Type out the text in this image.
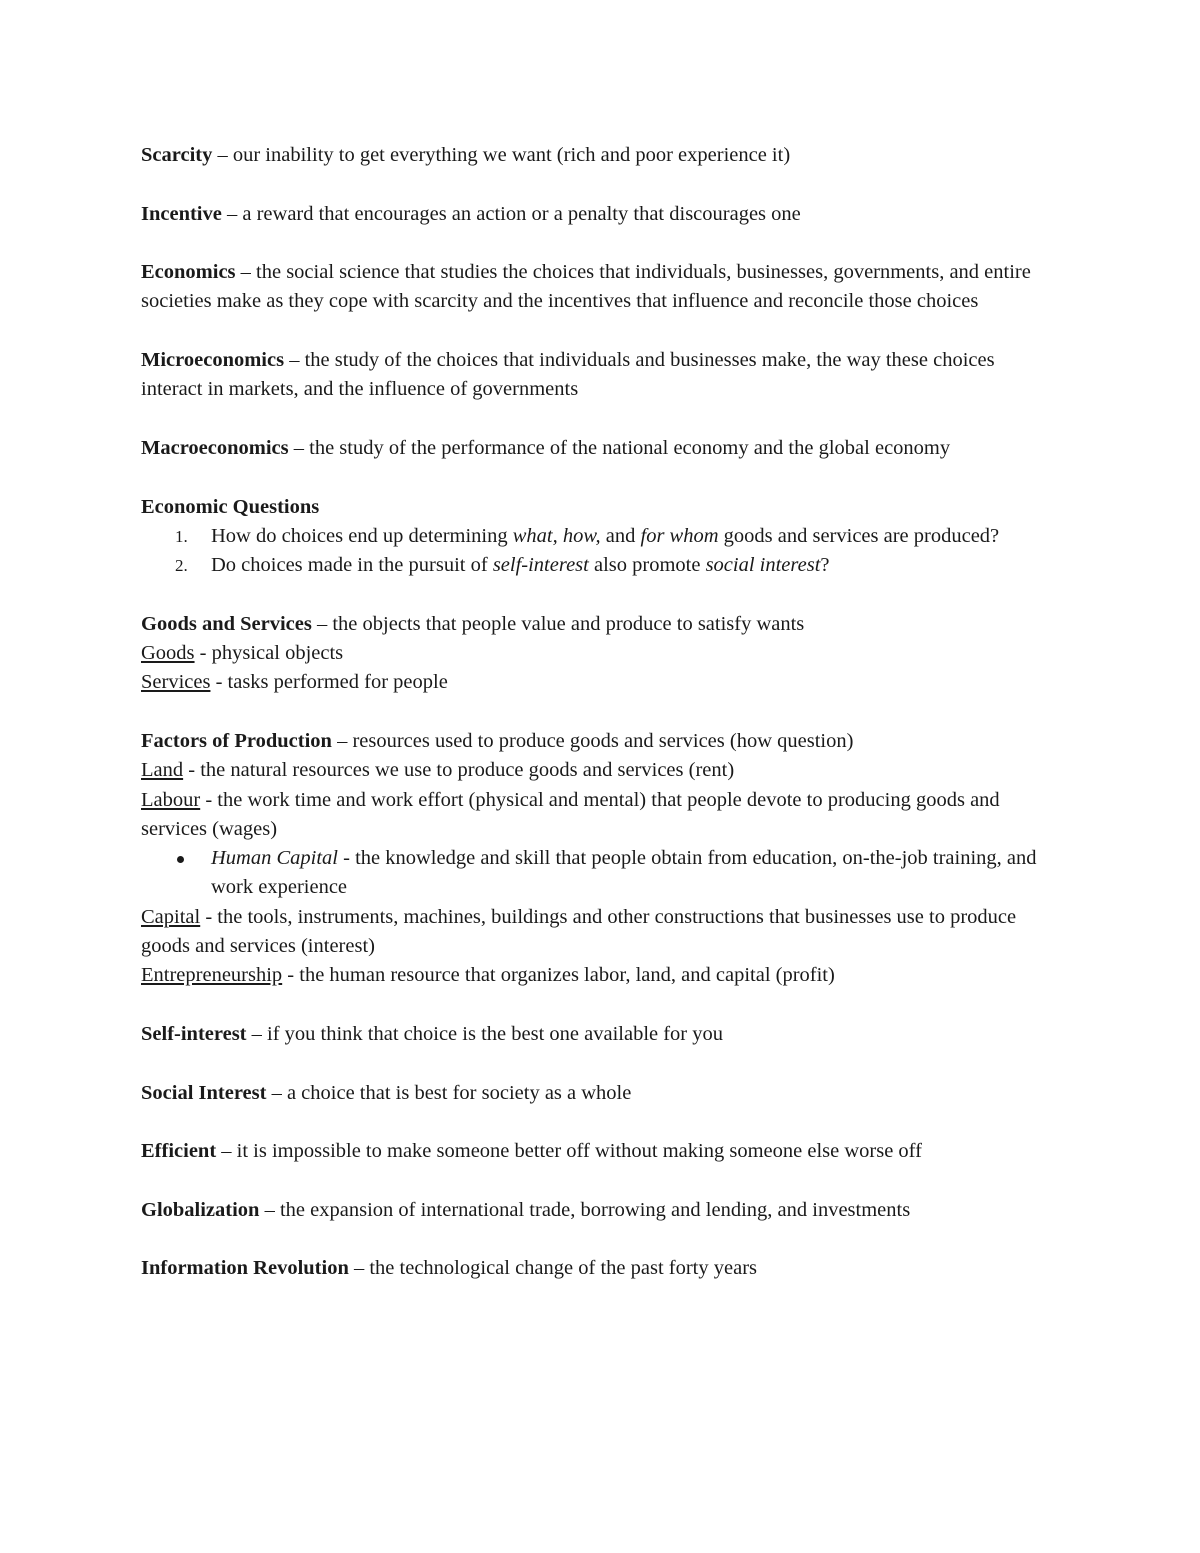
Scarcity – our inability to get everything we want (rich and poor experience it)

Incentive – a reward that encourages an action or a penalty that discourages one

Economics – the social science that studies the choices that individuals, businesses, governments, and entire societies make as they cope with scarcity and the incentives that influence and reconcile those choices

Microeconomics – the study of the choices that individuals and businesses make, the way these choices interact in markets, and the influence of governments

Macroeconomics – the study of the performance of the national economy and the global economy

Economic Questions

1. How do choices end up determining what, how, and for whom goods and services are produced?
2. Do choices made in the pursuit of self-interest also promote social interest?

Goods and Services – the objects that people value and produce to satisfy wants

Goods - physical objects

Services - tasks performed for people

Factors of Production – resources used to produce goods and services (how question)

Land - the natural resources we use to produce goods and services (rent)

Labour - the work time and work effort (physical and mental) that people devote to producing goods and services (wages)

Human Capital - the knowledge and skill that people obtain from education, on-the-job training, and work experience

Capital - the tools, instruments, machines, buildings and other constructions that businesses use to produce goods and services (interest)

Entrepreneurship - the human resource that organizes labor, land, and capital (profit)

Self-interest – if you think that choice is the best one available for you

Social Interest – a choice that is best for society as a whole

Efficient – it is impossible to make someone better off without making someone else worse off

Globalization – the expansion of international trade, borrowing and lending, and investments

Information Revolution – the technological change of the past forty years
